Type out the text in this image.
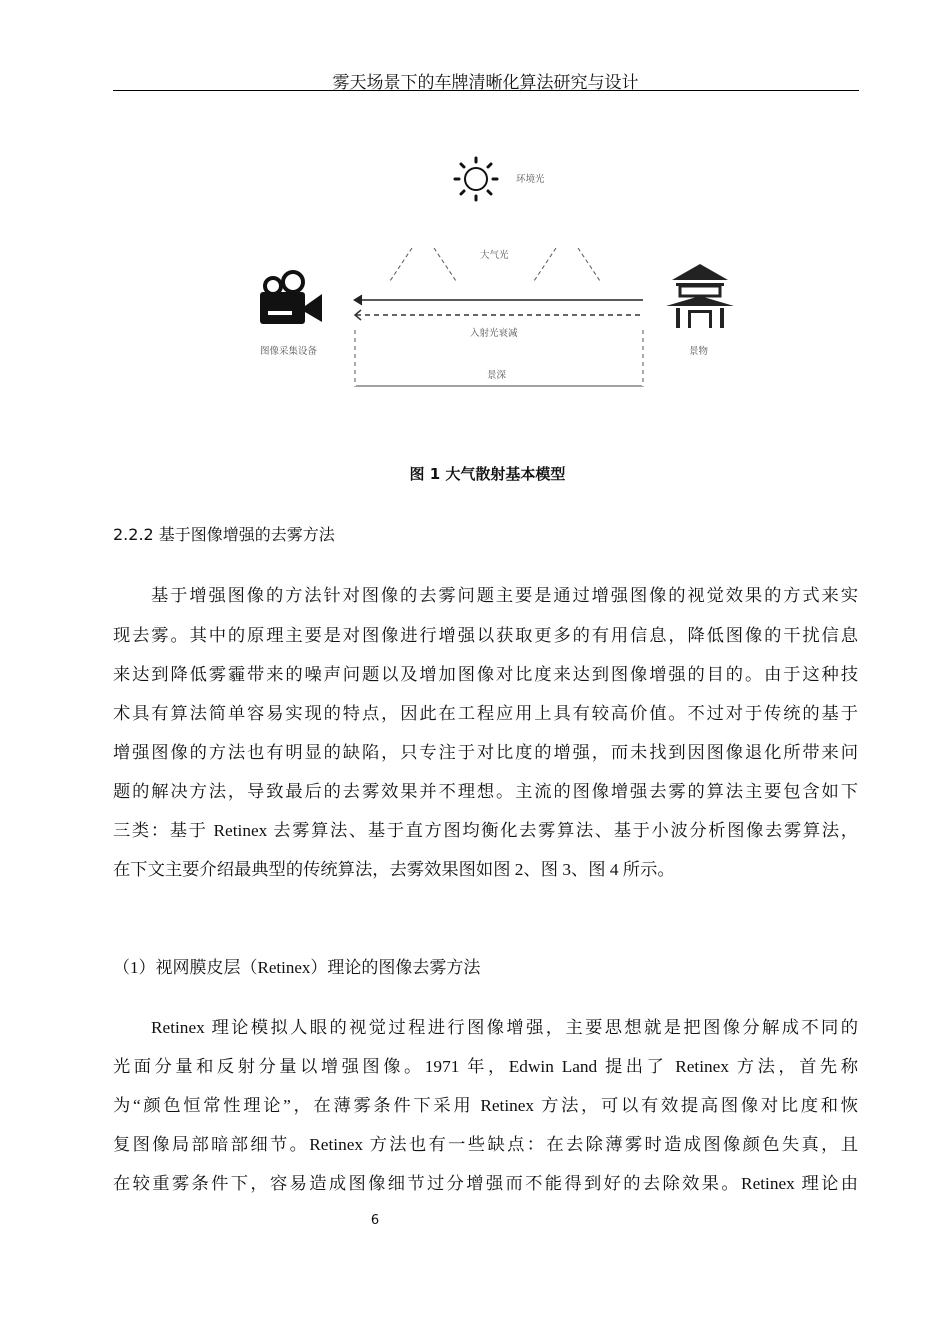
雾天场景下的车牌清晰化算法研究与设计
环境光
大气光
图像采集设备
入射光衰减
景深
景物
图 1 大气散射基本模型
2.2.2 基于图像增强的去雾方法
基于增强图像的方法针对图像的去雾问题主要是通过增强图像的视觉效果的方式来实
现去雾。其中的原理主要是对图像进行增强以获取更多的有用信息，降低图像的干扰信息
来达到降低雾霾带来的噪声问题以及增加图像对比度来达到图像增强的目的。由于这种技
术具有算法简单容易实现的特点，因此在工程应用上具有较高价值。不过对于传统的基于
增强图像的方法也有明显的缺陷，只专注于对比度的增强，而未找到因图像退化所带来问
题的解决方法，导致最后的去雾效果并不理想。主流的图像增强去雾的算法主要包含如下
三类：基于 Retinex 去雾算法、基于直方图均衡化去雾算法、基于小波分析图像去雾算法，
在下文主要介绍最典型的传统算法，去雾效果图如图 2、图 3、图 4 所示。
（1）视网膜皮层（Retinex）理论的图像去雾方法
Retinex 理论模拟人眼的视觉过程进行图像增强，主要思想就是把图像分解成不同的
光面分量和反射分量以增强图像。1971 年，Edwin Land 提出了 Retinex 方法，首先称
为“颜色恒常性理论”，在薄雾条件下采用 Retinex 方法，可以有效提高图像对比度和恢
复图像局部暗部细节。Retinex 方法也有一些缺点：在去除薄雾时造成图像颜色失真，且
在较重雾条件下，容易造成图像细节过分增强而不能得到好的去除效果。Retinex 理论由
6
